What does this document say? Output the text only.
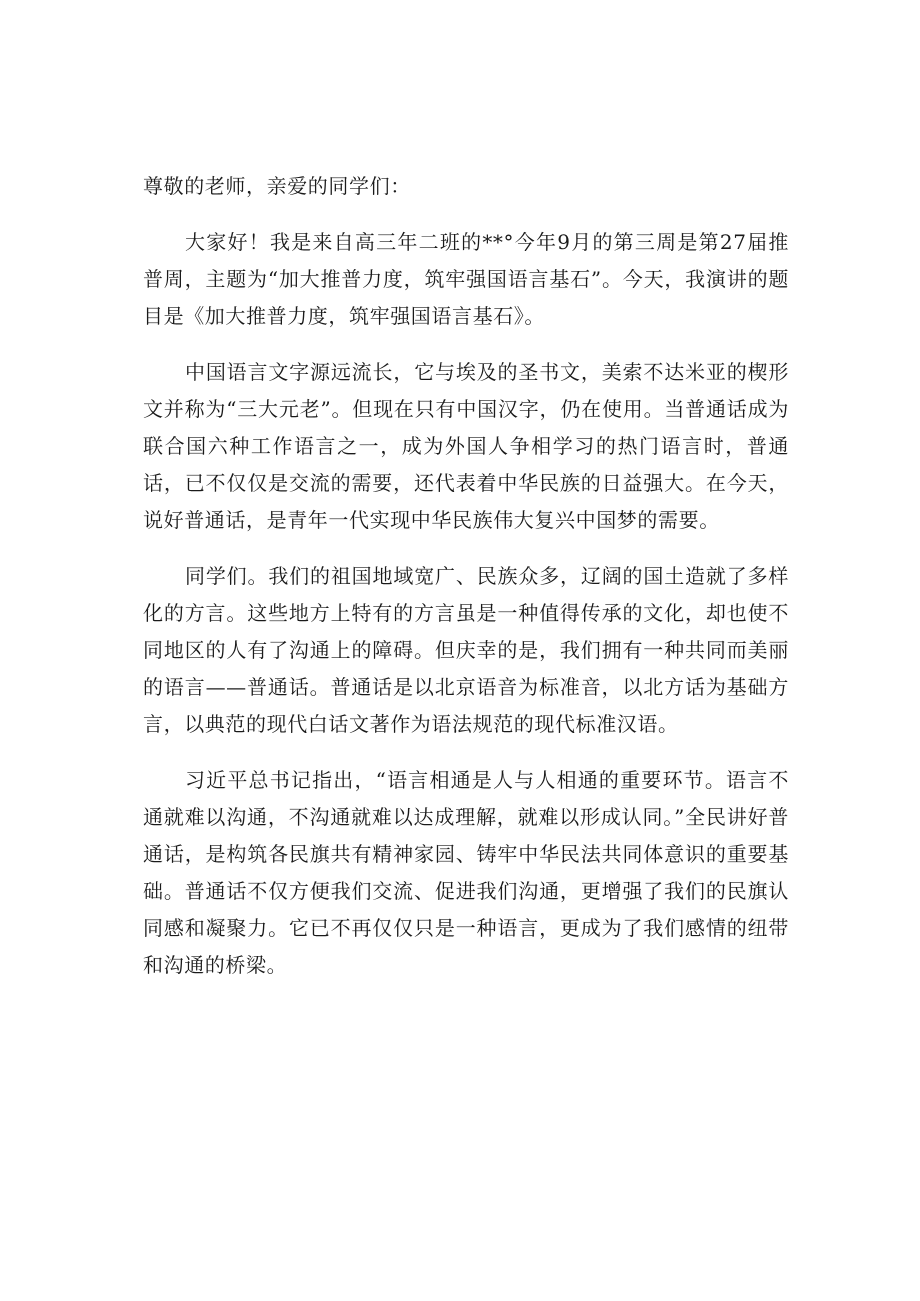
尊敬的老师，亲爱的同学们：

大家好！我是来自高三年二班的**°今年9月的第三周是第27届推普周，主题为“加大推普力度，筑牢强国语言基石”。今天，我演讲的题目是《加大推普力度，筑牢强国语言基石》。

中国语言文字源远流长，它与埃及的圣书文，美索不达米亚的楔形文并称为“三大元老”。但现在只有中国汉字，仍在使用。当普通话成为联合国六种工作语言之一，成为外国人争相学习的热门语言时，普通话，已不仅仅是交流的需要，还代表着中华民族的日益强大。在今天，说好普通话，是青年一代实现中华民族伟大复兴中国梦的需要。

同学们。我们的祖国地域宽广、民族众多，辽阔的国土造就了多样化的方言。这些地方上特有的方言虽是一种值得传承的文化，却也使不同地区的人有了沟通上的障碍。但庆幸的是，我们拥有一种共同而美丽的语言——普通话。普通话是以北京语音为标准音，以北方话为基础方言，以典范的现代白话文著作为语法规范的现代标准汉语。

习近平总书记指出，“语言相通是人与人相通的重要环节。语言不通就难以沟通，不沟通就难以达成理解，就难以形成认同。”全民讲好普通话，是构筑各民旗共有精神家园、铸牢中华民法共同体意识的重要基础。普通话不仅方便我们交流、促进我们沟通，更增强了我们的民旗认同感和凝聚力。它已不再仅仅只是一种语言，更成为了我们感情的纽带和沟通的桥梁。
